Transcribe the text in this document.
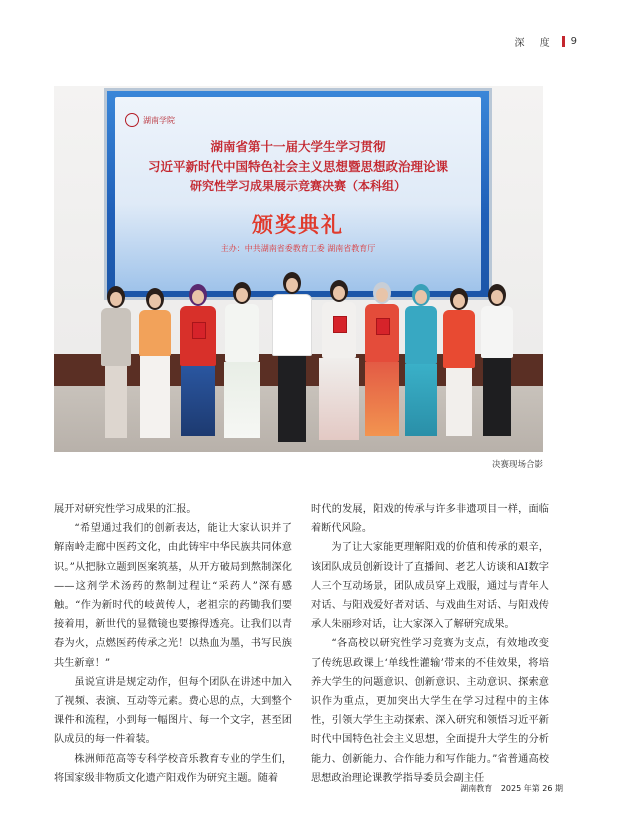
深 度 9
湖南学院
湖南省第十一届大学生学习贯彻
习近平新时代中国特色社会主义思想暨思想政治理论课
研究性学习成果展示竞赛决赛（本科组）
颁奖典礼
主办：中共湖南省委教育工委 湖南省教育厅
决赛现场合影

展开对研究性学习成果的汇报。

“希望通过我们的创新表达，能让大家认识并了解南岭走廊中医药文化，由此铸牢中华民族共同体意识。”从把脉立题到医案筑基，从开方破局到熬制深化——这剂学术汤药的熬制过程让“采药人”深有感触。“作为新时代的岐黄传人，老祖宗的药锄我们要接着用，新世代的显微镜也要擦得透亮。让我们以青春为火，点燃医药传承之光！以热血为墨，书写民族共生新章！”

虽说宣讲是规定动作，但每个团队在讲述中加入了视频、表演、互动等元素。费心思的点，大到整个课件和流程，小到每一幅图片、每一个文字，甚至团队成员的每一件着装。

株洲师范高等专科学校音乐教育专业的学生们，将国家级非物质文化遗产阳戏作为研究主题。随着

时代的发展，阳戏的传承与许多非遗项目一样，面临着断代风险。

为了让大家能更理解阳戏的价值和传承的艰辛，该团队成员创新设计了直播间、老艺人访谈和AI数字人三个互动场景，团队成员穿上戏服，通过与青年人对话、与阳戏爱好者对话、与戏曲生对话、与阳戏传承人朱丽珍对话，让大家深入了解研究成果。

“各高校以研究性学习竞赛为支点，有效地改变了传统思政课上‘单线性灌输’带来的不佳效果，将培养大学生的问题意识、创新意识、主动意识、探索意识作为重点，更加突出大学生在学习过程中的主体性，引领大学生主动探索、深入研究和领悟习近平新时代中国特色社会主义思想，全面提升大学生的分析能力、创新能力、合作能力和写作能力。”省普通高校思想政治理论课教学指导委员会副主任

湖南教育 2025 年第 26 期
